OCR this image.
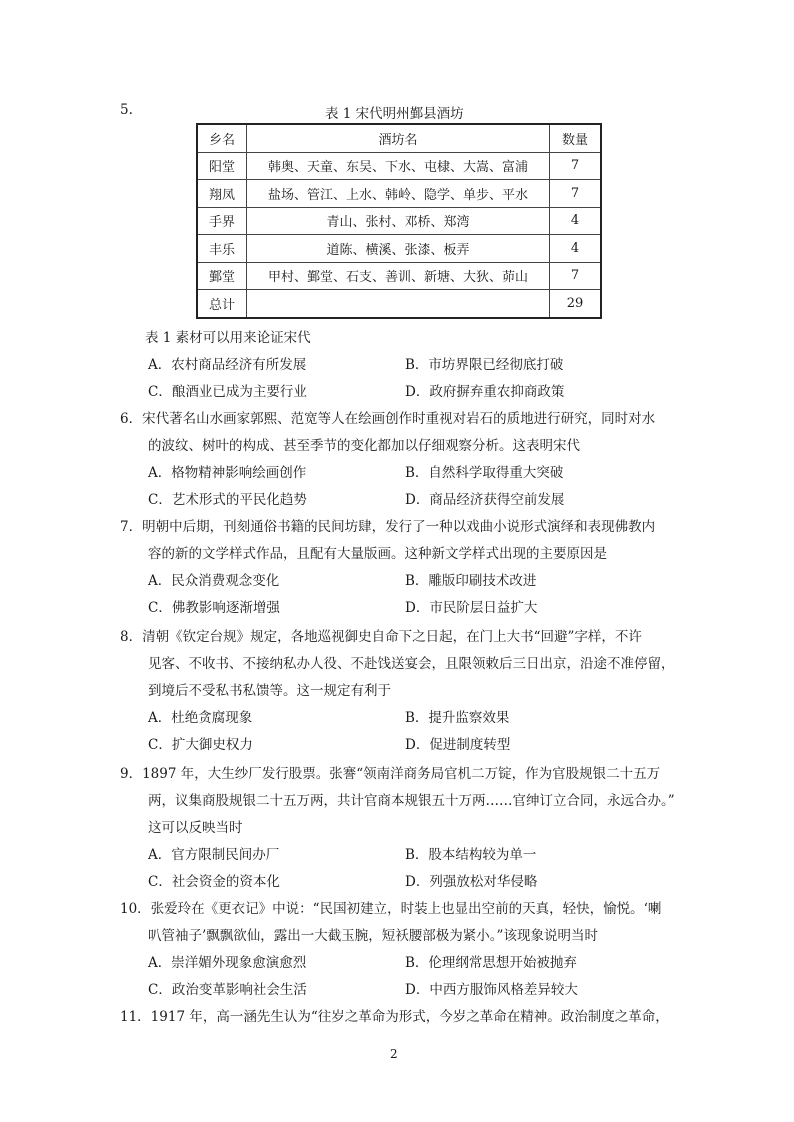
5.	表 1 宋代明州鄞县酒坊
乡名	酒坊名	数量
阳堂	韩奥、天童、东吴、下水、屯棣、大嵩、富浦	7
翔凤	盐场、管江、上水、韩岭、隐学、单步、平水	7
手界	青山、张村、邓桥、郑湾	4
丰乐	道陈、横溪、张漆、板弄	4
鄞堂	甲村、鄞堂、石支、善训、新塘、大狄、茆山	7
总计		29
表 1 素材可以用来论证宋代
A．农村商品经济有所发展	B．市坊界限已经彻底打破
C．酿酒业已成为主要行业	D．政府摒弃重农抑商政策
6．宋代著名山水画家郭熙、范宽等人在绘画创作时重视对岩石的质地进行研究，同时对水
的波纹、树叶的构成、甚至季节的变化都加以仔细观察分析。这表明宋代
A．格物精神影响绘画创作	B．自然科学取得重大突破
C．艺术形式的平民化趋势	D．商品经济获得空前发展
7．明朝中后期，刊刻通俗书籍的民间坊肆，发行了一种以戏曲小说形式演绎和表现佛教内
容的新的文学样式作品，且配有大量版画。这种新文学样式出现的主要原因是
A．民众消费观念变化	B．雕版印刷技术改进
C．佛教影响逐渐增强	D．市民阶层日益扩大
8．清朝《钦定台规》规定，各地巡视御史自命下之日起，在门上大书“回避”字样，不许
见客、不收书、不接纳私办人役、不赴饯送宴会，且限领敕后三日出京，沿途不准停留，
到境后不受私书私馈等。这一规定有利于
A．杜绝贪腐现象	B．提升监察效果
C．扩大御史权力	D．促进制度转型
9．1897 年，大生纱厂发行股票。张謇“领南洋商务局官机二万锭，作为官股规银二十五万
两，议集商股规银二十五万两，共计官商本规银五十万两……官绅订立合同，永远合办。”
这可以反映当时
A．官方限制民间办厂	B．股本结构较为单一
C．社会资金的资本化	D．列强放松对华侵略
10．张爱玲在《更衣记》中说：“民国初建立，时装上也显出空前的天真，轻快，愉悦。‘喇
叭管袖子’飘飘欲仙，露出一大截玉腕，短袄腰部极为紧小。”该现象说明当时
A．崇洋媚外现象愈演愈烈	B．伦理纲常思想开始被抛弃
C．政治变革影响社会生活	D．中西方服饰风格差异较大
11．1917 年，高一涵先生认为“往岁之革命为形式，今岁之革命在精神。政治制度之革命，
2
